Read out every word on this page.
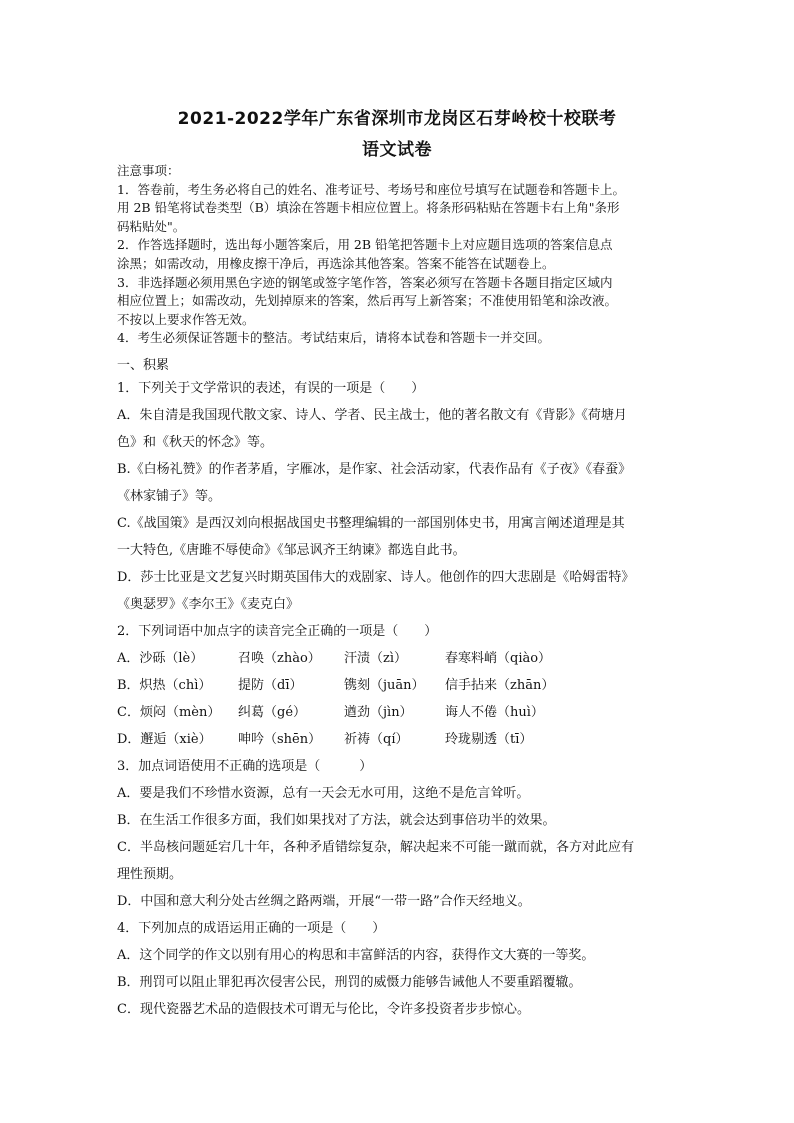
2021-2022学年广东省深圳市龙岗区石芽岭校十校联考
语文试卷

注意事项：

1．答卷前，考生务必将自己的姓名、准考证号、考场号和座位号填写在试题卷和答题卡上。

用 2B 铅笔将试卷类型（B）填涂在答题卡相应位置上。将条形码粘贴在答题卡右上角"条形

码粘贴处"。

2．作答选择题时，选出每小题答案后，用 2B 铅笔把答题卡上对应题目选项的答案信息点

涂黑；如需改动，用橡皮擦干净后，再选涂其他答案。答案不能答在试题卷上。

3．非选择题必须用黑色字迹的钢笔或签字笔作答，答案必须写在答题卡各题目指定区域内

相应位置上；如需改动，先划掉原来的答案，然后再写上新答案；不准使用铅笔和涂改液。

不按以上要求作答无效。

4．考生必须保证答题卡的整洁。考试结束后，请将本试卷和答题卡一并交回。

一、积累

1．下列关于文学常识的表述，有误的一项是（　　）

A．朱自清是我国现代散文家、诗人、学者、民主战士，他的著名散文有《背影》《荷塘月

色》和《秋天的怀念》等。

B.《白杨礼赞》的作者茅盾，字雁冰，是作家、社会活动家，代表作品有《子夜》《春蚕》

《林家铺子》等。

C.《战国策》是西汉刘向根据战国史书整理编辑的一部国别体史书，用寓言阐述道理是其

一大特色,《唐雎不辱使命》《邹忌讽齐王纳谏》都选自此书。

D．莎士比亚是文艺复兴时期英国伟大的戏剧家、诗人。他创作的四大悲剧是《哈姆雷特》

《奥瑟罗》《李尔王》《麦克白》

2．下列词语中加点字的读音完全正确的一项是（　　）

A．沙砾（lè）	召唤（zhào）	汗渍（zì）	春寒料峭（qiào）
B．炽热（chì）	提防（dī）	镌刻（juān）	信手拈来（zhān）
C．烦闷（mèn）	纠葛（gé）	遒劲（jìn）	诲人不倦（huì）
D．邂逅（xiè）	呻吟（shēn）	祈祷（qí）	玲珑剔透（tī）

3．加点词语使用不正确的选项是（　　　）

A．要是我们不珍惜水资源，总有一天会无水可用，这绝不是危言耸听。

B．在生活工作很多方面，我们如果找对了方法，就会达到事倍功半的效果。

C．半岛核问题延宕几十年，各种矛盾错综复杂，解决起来不可能一蹴而就，各方对此应有

理性预期。

D．中国和意大利分处古丝绸之路两端，开展“一带一路”合作天经地义。

4．下列加点的成语运用正确的一项是（　　）

A．这个同学的作文以别有用心的构思和丰富鲜活的内容，获得作文大赛的一等奖。

B．刑罚可以阻止罪犯再次侵害公民，刑罚的威慑力能够告诫他人不要重蹈覆辙。

C．现代瓷器艺术品的造假技术可谓无与伦比，令许多投资者步步惊心。
